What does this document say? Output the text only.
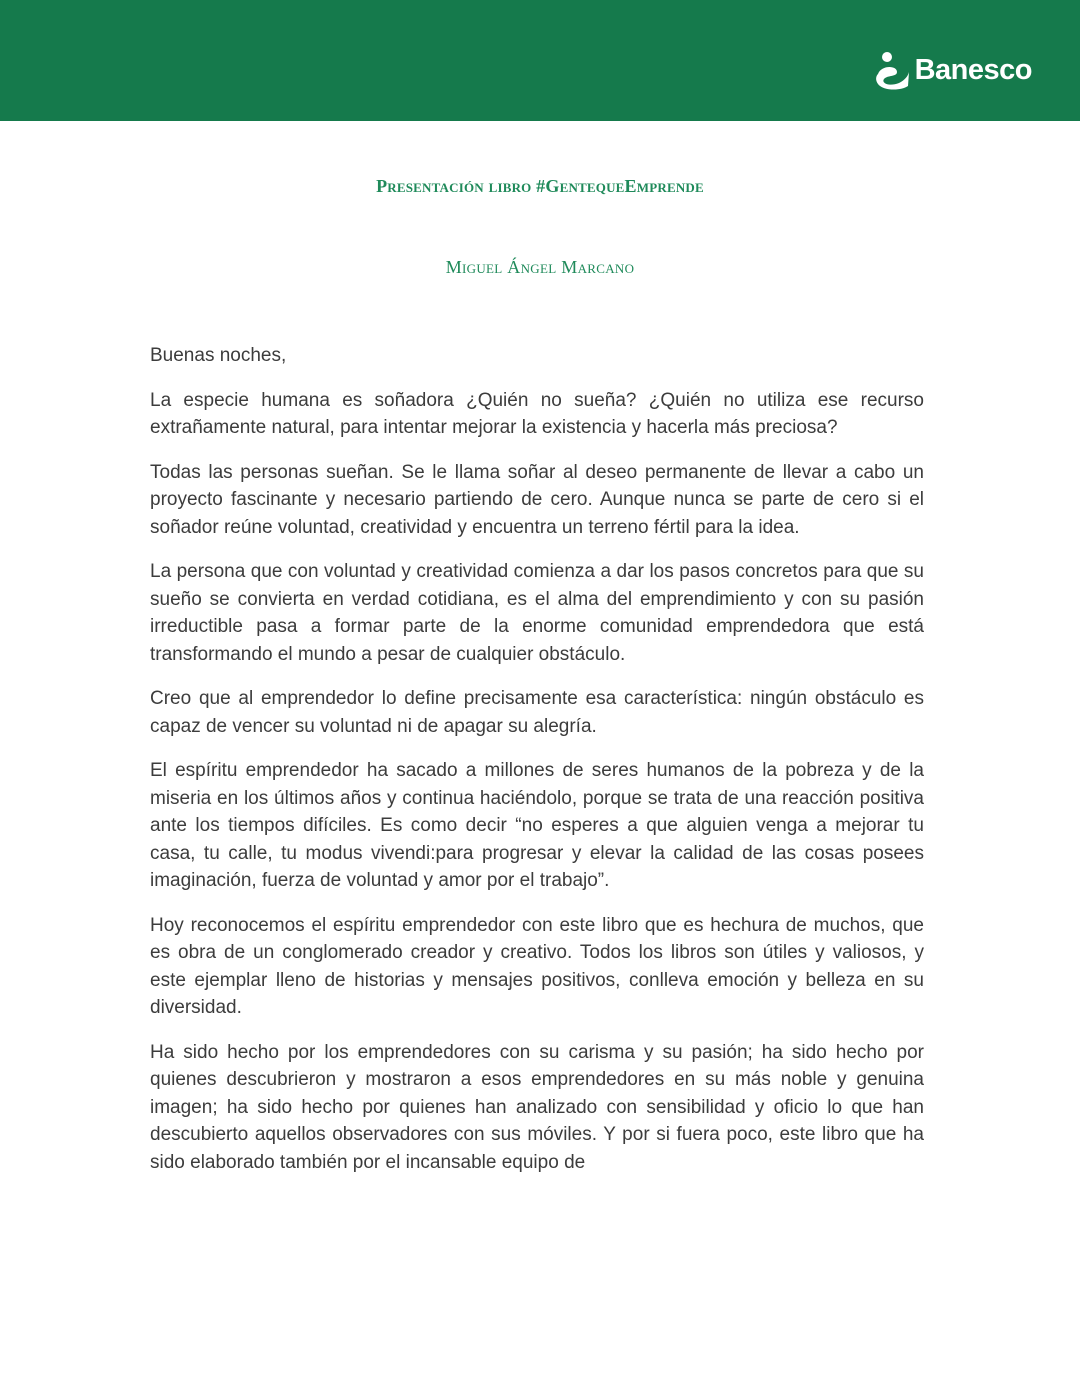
Banesco
Presentación libro #GentequeEmprende
Miguel Ángel Marcano

Buenas noches,

La especie humana es soñadora ¿Quién no sueña? ¿Quién no utiliza ese recurso extrañamente natural, para intentar mejorar la existencia y hacerla más preciosa?

Todas las personas sueñan. Se le llama soñar al deseo permanente de llevar a cabo un proyecto fascinante y necesario partiendo de cero. Aunque nunca se parte de cero si el soñador reúne voluntad, creatividad y encuentra un terreno fértil para la idea.

La persona que con voluntad y creatividad comienza a dar los pasos concretos para que su sueño se convierta en verdad cotidiana, es el alma del emprendimiento y con su pasión irreductible pasa a formar parte de la enorme comunidad emprendedora que está transformando el mundo a pesar de cualquier obstáculo.

Creo que al emprendedor lo define precisamente esa característica: ningún obstáculo es capaz de vencer su voluntad ni de apagar su alegría.

El espíritu emprendedor ha sacado a millones de seres humanos de la pobreza y de la miseria en los últimos años y continua haciéndolo, porque se trata de una reacción positiva ante los tiempos difíciles. Es como decir “no esperes a que alguien venga a mejorar tu casa, tu calle, tu modus vivendi:para progresar y elevar la calidad de las cosas posees imaginación, fuerza de voluntad y amor por el trabajo”.

Hoy reconocemos el espíritu emprendedor con este libro que es hechura de muchos, que es obra de un conglomerado creador y creativo. Todos los libros son útiles y valiosos, y este ejemplar lleno de historias y mensajes positivos, conlleva emoción y belleza en su diversidad.

Ha sido hecho por los emprendedores con su carisma y su pasión; ha sido hecho por quienes descubrieron y mostraron a esos emprendedores en su más noble y genuina imagen; ha sido hecho por quienes han analizado con sensibilidad y oficio lo que han descubierto aquellos observadores con sus móviles. Y por si fuera poco, este libro que ha sido elaborado también por el incansable equipo de
